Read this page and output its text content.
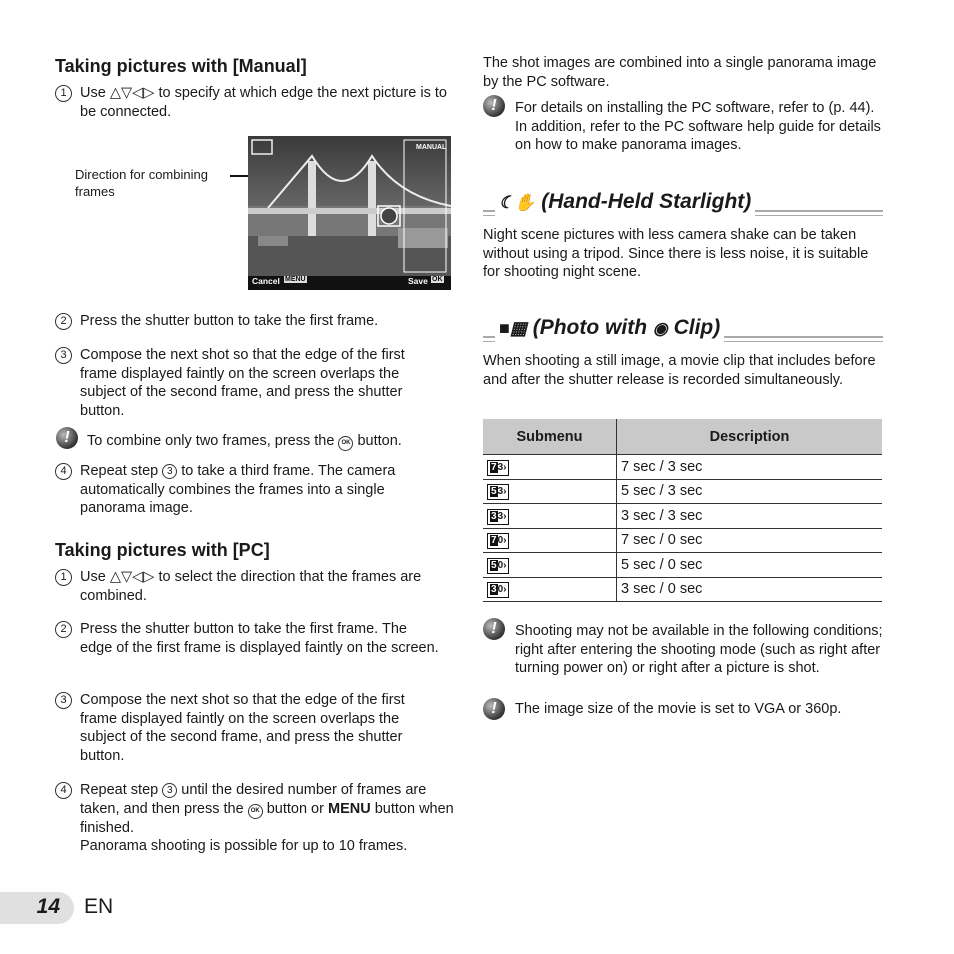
Taking pictures with [Manual]
1 Use △▽◁▷ to specify at which edge the next picture is to be connected.
Direction for combining frames
MANUAL
Cancel MENU	Save OK
2 Press the shutter button to take the first frame.
3 Compose the next shot so that the edge of the first frame displayed faintly on the screen overlaps the subject of the second frame, and press the shutter button.
!	To combine only two frames, press the OK button.
4 Repeat step 3 to take a third frame. The camera automatically combines the frames into a single panorama image.
Taking pictures with [PC]
1 Use △▽◁▷ to select the direction that the frames are combined.
2 Press the shutter button to take the first frame. The edge of the first frame is displayed faintly on the screen.
3 Compose the next shot so that the edge of the first frame displayed faintly on the screen overlaps the subject of the second frame, and press the shutter button.
4 Repeat step 3 until the desired number of frames are taken, and then press the OK button or MENU button when finished.
Panorama shooting is possible for up to 10 frames.
The shot images are combined into a single panorama image by the PC software.
!	For details on installing the PC software, refer to (p. 44). In addition, refer to the PC software help guide for details on how to make panorama images.
☾✋ (Hand-Held Starlight)
Night scene pictures with less camera shake can be taken without using a tripod. Since there is less noise, it is suitable for shooting night scene.
■▦ (Photo with ◉ Clip)
When shooting a still image, a movie clip that includes before and after the shutter release is recorded simultaneously.
Submenu	Description
73›	7 sec / 3 sec
53›	5 sec / 3 sec
33›	3 sec / 3 sec
70›	7 sec / 0 sec
50›	5 sec / 0 sec
30›	3 sec / 0 sec
!	Shooting may not be available in the following conditions; right after entering the shooting mode (such as right after turning power on) or right after a picture is shot.
!	The image size of the movie is set to VGA or 360p.
14 EN
